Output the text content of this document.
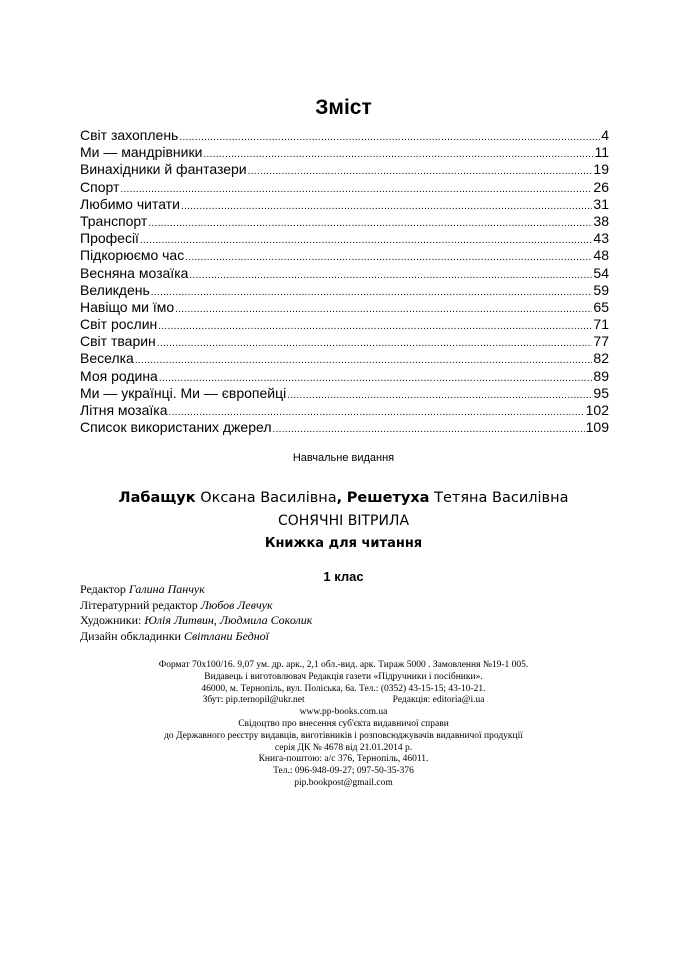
Зміст
Світ захоплень .....	4
Ми — мандрівники .....	11
Винахідники й фантазери .....	19
Спорт .....	26
Любимо читати .....	31
Транспорт .....	38
Професії .....	43
Підкорюємо час .....	48
Весняна мозаїка .....	54
Великдень .....	59
Навіщо ми їмо .....	65
Світ рослин .....	71
Світ тварин .....	77
Веселка .....	82
Моя родина .....	89
Ми — українці. Ми — європейці .....	95
Літня мозаїка .....	102
Список використаних джерел .....	109
Навчальне видання
Лабащук Оксана Василівна, Решетуха Тетяна Василівна
СОНЯЧНІ ВІТРИЛА
Книжка для читання
1 клас
Редактор Галина Панчук
Літературний редактор Любов Левчук
Художники: Юлія Литвин, Людмила Соколик
Дизайн обкладинки Світлани Бедної
Формат 70х100/16. 9,07 ум. др. арк., 2,1 обл.-вид. арк. Тираж 5000 . Замовлення №19-1 005.
Видавець і виготовлювач Редакція газети «Підручники і посібники».
46000, м. Тернопіль, вул. Поліська, 6а. Тел.: (0352) 43-15-15; 43-10-21.
Збут: pip.ternopil@ukr.net	Редакція: editoria@i.ua
www.pp-books.com.ua
Свідоцтво про внесення суб'єкта видавничої справи
до Державного реєстру видавців, виготівників і розповсюджувачів видавничої продукції
серія ДК № 4678 від 21.01.2014 р.
Книга-поштою: а/с 376, Тернопіль, 46011.
Тел.: 096-948-09-27; 097-50-35-376
pip.bookpost@gmail.com
